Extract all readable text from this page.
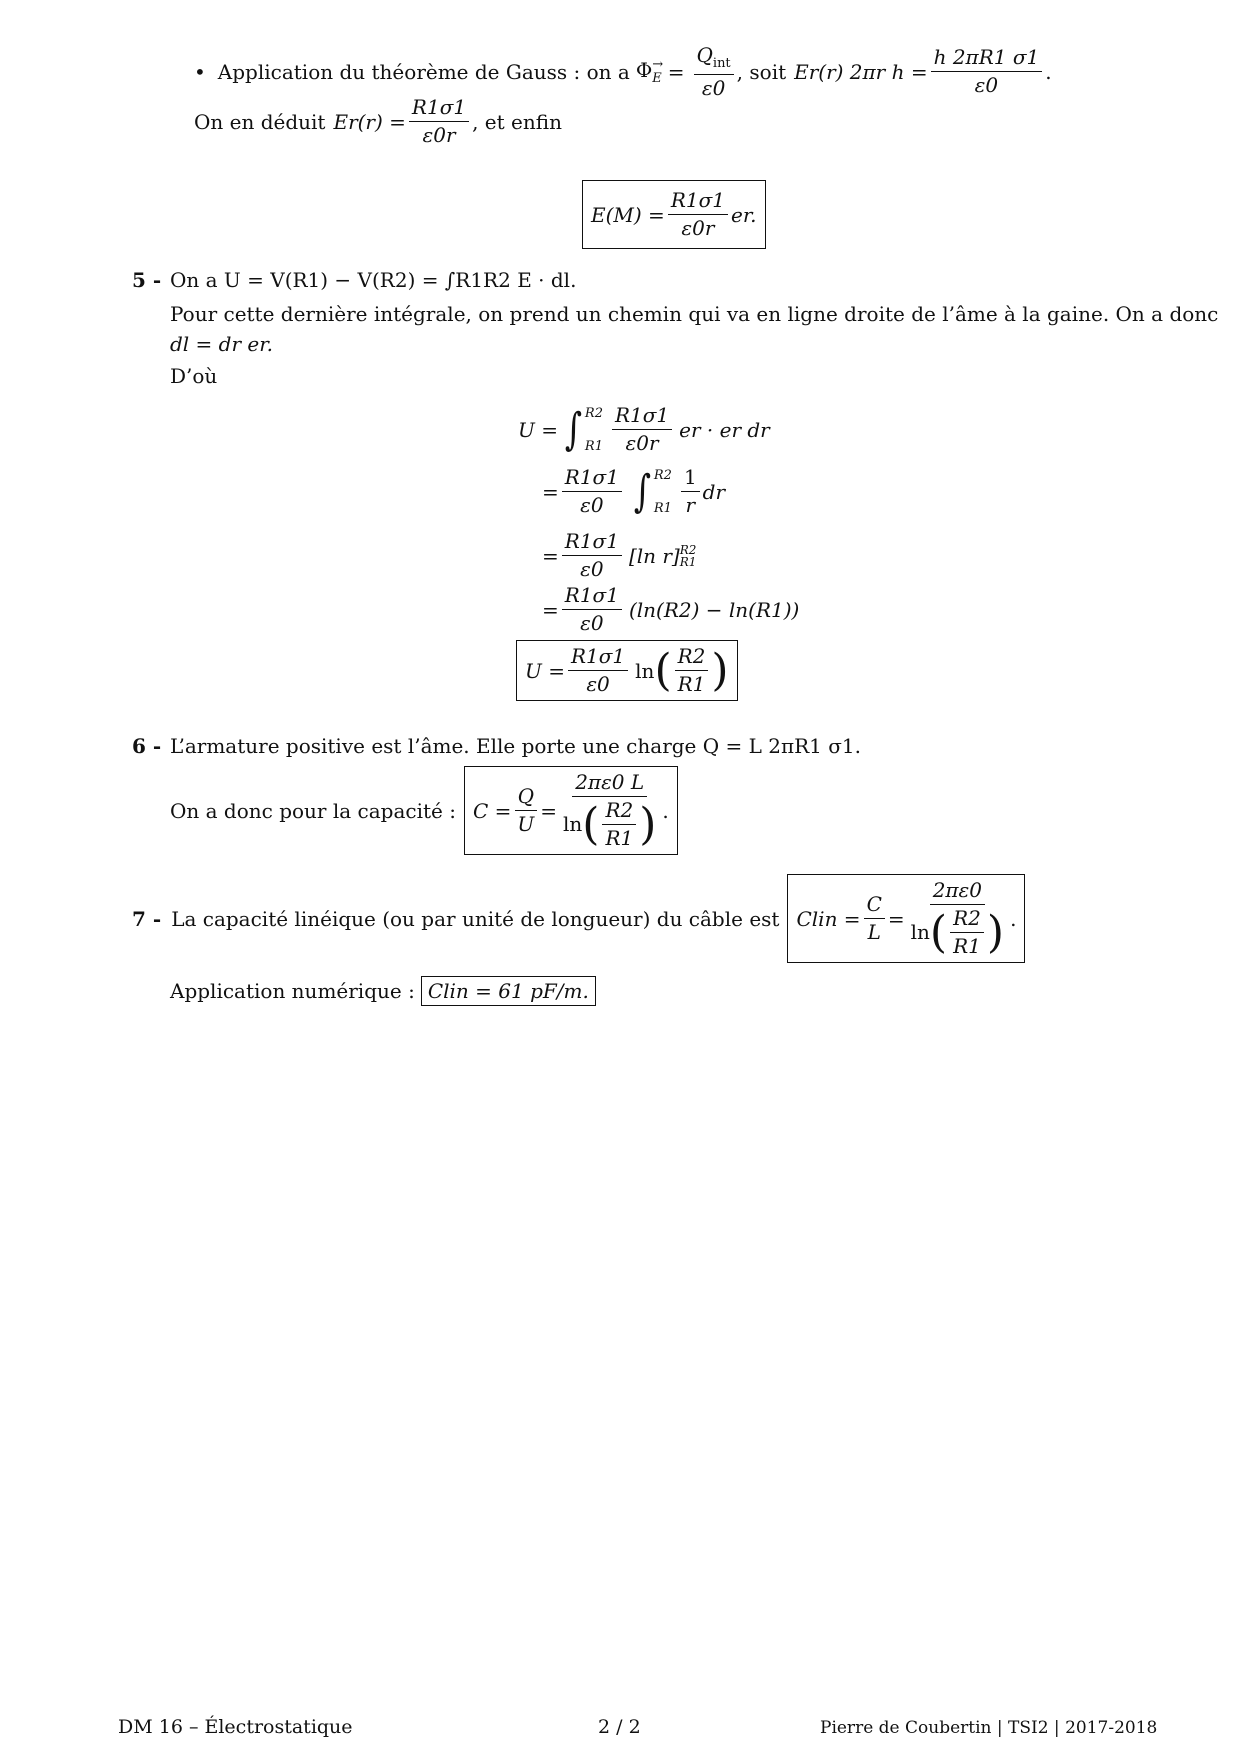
• Application du théorème de Gauss : on a $\Phi\to E = \frac{Q_{int}}{\varepsilon 0}$ , soit Er(r) 2πr $h = \frac{h 2\pi R1 \sigma 1}{\varepsilon 0}$ .
On en déduit $Er(r) = \frac{R1\sigma 1}{\varepsilon 0r}$ , et enfin
$E(M) = \frac{R1\sigma 1}{\varepsilon 0r}$ er.
5 - On a U = V(R1) − V(R2) = ∫R1R2 E · dl.
Pour cette dernière intégrale, on prend un chemin qui va en ligne droite de l’âme à la gaine. On a donc
dl = dr er.
D’où
U = ∫ R2
$R1 \frac{R1\sigma 1}{\varepsilon 0r}$ er · er dr
= $\frac{R1\sigma 1}{\varepsilon 0}$ ∫ R2
$R1 \frac{1}{r}$ dr
= $\frac{R1\sigma 1}{\varepsilon 0} [\ln$ r] R2
R1
= $\frac{R1\sigma 1}{\varepsilon 0} (\ln(R2) - \ln(R1))$
$U = \frac{R1\sigma 1}{\varepsilon 0}$ ln ( $\frac{R2}{R1}$ )
6 - L’armature positive est l’âme. Elle porte une charge Q = L 2πR1 σ1.
On a donc pour la capacité : $C = \frac{Q}{U} = \frac{2\pi\varepsilon 0 L}{\ln ( \frac{R2}{R1} )}$ .
7 - La capacité linéique (ou par unité de longueur) du câble est Clin = $\frac{C}{L} = \frac{2\pi\varepsilon 0}{\ln ( \frac{R2}{R1} )}$ .
Application numérique : Clin = 61 pF/m.
DM 16 – Électrostatique	2 / 2	Pierre de Coubertin | TSI2 | 2017-2018
